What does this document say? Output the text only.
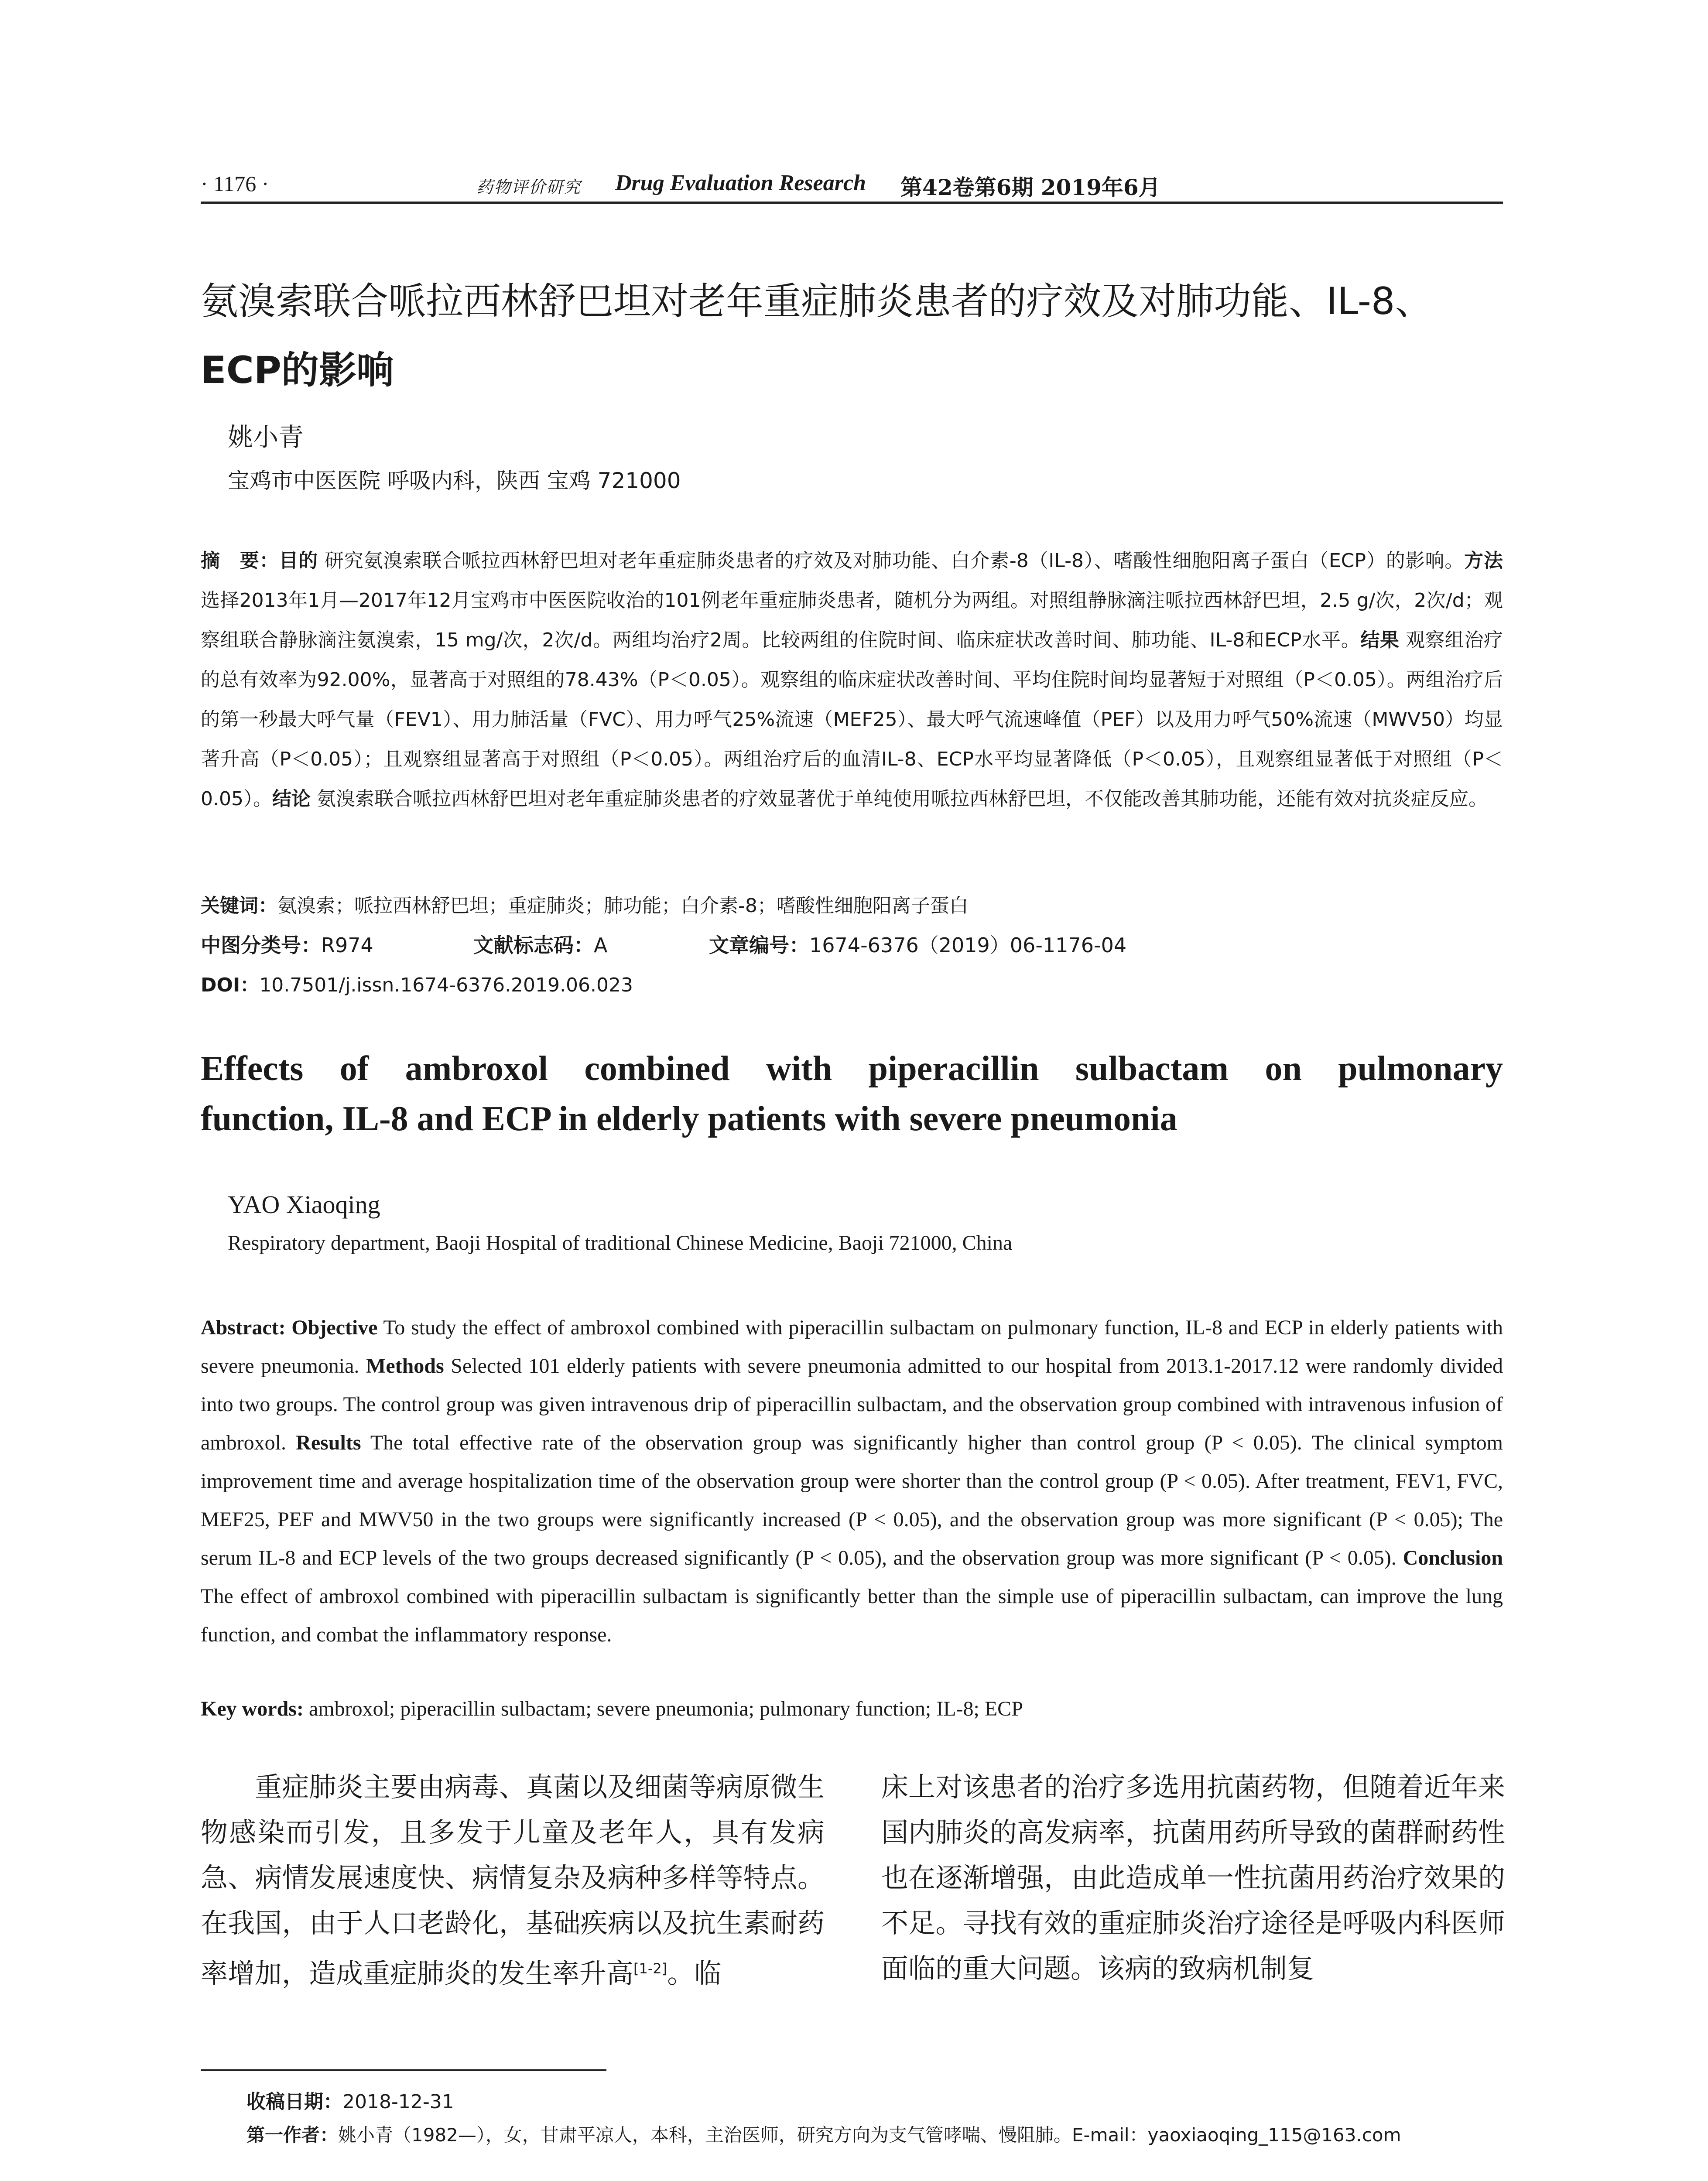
· 1176 ·	药物评价研究 Drug Evaluation Research 第42卷第6期 2019年6月
氨溴索联合哌拉西林舒巴坦对老年重症肺炎患者的疗效及对肺功能、IL-8、
ECP的影响
姚小青
宝鸡市中医医院 呼吸内科，陕西 宝鸡 721000
摘　要：目的 研究氨溴索联合哌拉西林舒巴坦对老年重症肺炎患者的疗效及对肺功能、白介素-8（IL-8）、嗜酸性细胞阳离子蛋白（ECP）的影响。方法 选择2013年1月—2017年12月宝鸡市中医医院收治的101例老年重症肺炎患者，随机分为两组。对照组静脉滴注哌拉西林舒巴坦，2.5 g/次，2次/d；观察组联合静脉滴注氨溴索，15 mg/次，2次/d。两组均治疗2周。比较两组的住院时间、临床症状改善时间、肺功能、IL-8和ECP水平。结果 观察组治疗的总有效率为92.00%，显著高于对照组的78.43%（P＜0.05）。观察组的临床症状改善时间、平均住院时间均显著短于对照组（P＜0.05）。两组治疗后的第一秒最大呼气量（FEV1）、用力肺活量（FVC）、用力呼气25%流速（MEF25）、最大呼气流速峰值（PEF）以及用力呼气50%流速（MWV50）均显著升高（P＜0.05）；且观察组显著高于对照组（P＜0.05）。两组治疗后的血清IL-8、ECP水平均显著降低（P＜0.05），且观察组显著低于对照组（P＜0.05）。结论 氨溴索联合哌拉西林舒巴坦对老年重症肺炎患者的疗效显著优于单纯使用哌拉西林舒巴坦，不仅能改善其肺功能，还能有效对抗炎症反应。
关键词：氨溴索；哌拉西林舒巴坦；重症肺炎；肺功能；白介素-8；嗜酸性细胞阳离子蛋白
中图分类号：R974	文献标志码：A	文章编号：1674-6376（2019）06-1176-04
DOI：10.7501/j.issn.1674-6376.2019.06.023
Effects of ambroxol combined with piperacillin sulbactam on pulmonary
function, IL-8 and ECP in elderly patients with severe pneumonia
YAO Xiaoqing
Respiratory department, Baoji Hospital of traditional Chinese Medicine, Baoji 721000, China
Abstract: Objective To study the effect of ambroxol combined with piperacillin sulbactam on pulmonary function, IL-8 and ECP in elderly patients with severe pneumonia. Methods Selected 101 elderly patients with severe pneumonia admitted to our hospital from 2013.1-2017.12 were randomly divided into two groups. The control group was given intravenous drip of piperacillin sulbactam, and the observation group combined with intravenous infusion of ambroxol. Results The total effective rate of the observation group was significantly higher than control group (P < 0.05). The clinical symptom improvement time and average hospitalization time of the observation group were shorter than the control group (P < 0.05). After treatment, FEV1, FVC, MEF25, PEF and MWV50 in the two groups were significantly increased (P < 0.05), and the observation group was more significant (P < 0.05); The serum IL-8 and ECP levels of the two groups decreased significantly (P < 0.05), and the observation group was more significant (P < 0.05). Conclusion The effect of ambroxol combined with piperacillin sulbactam is significantly better than the simple use of piperacillin sulbactam, can improve the lung function, and combat the inflammatory response.
Key words: ambroxol; piperacillin sulbactam; severe pneumonia; pulmonary function; IL-8; ECP
重症肺炎主要由病毒、真菌以及细菌等病原微生物感染而引发，且多发于儿童及老年人，具有发病急、病情发展速度快、病情复杂及病种多样等特点。在我国，由于人口老龄化，基础疾病以及抗生素耐药率增加，造成重症肺炎的发生率升高[1-2]。临
床上对该患者的治疗多选用抗菌药物，但随着近年来国内肺炎的高发病率，抗菌用药所导致的菌群耐药性也在逐渐增强，由此造成单一性抗菌用药治疗效果的不足。寻找有效的重症肺炎治疗途径是呼吸内科医师面临的重大问题。该病的致病机制复
收稿日期：2018-12-31
第一作者：姚小青（1982—），女，甘肃平凉人，本科，主治医师，研究方向为支气管哮喘、慢阻肺。E-mail：yaoxiaoqing_115@163.com
